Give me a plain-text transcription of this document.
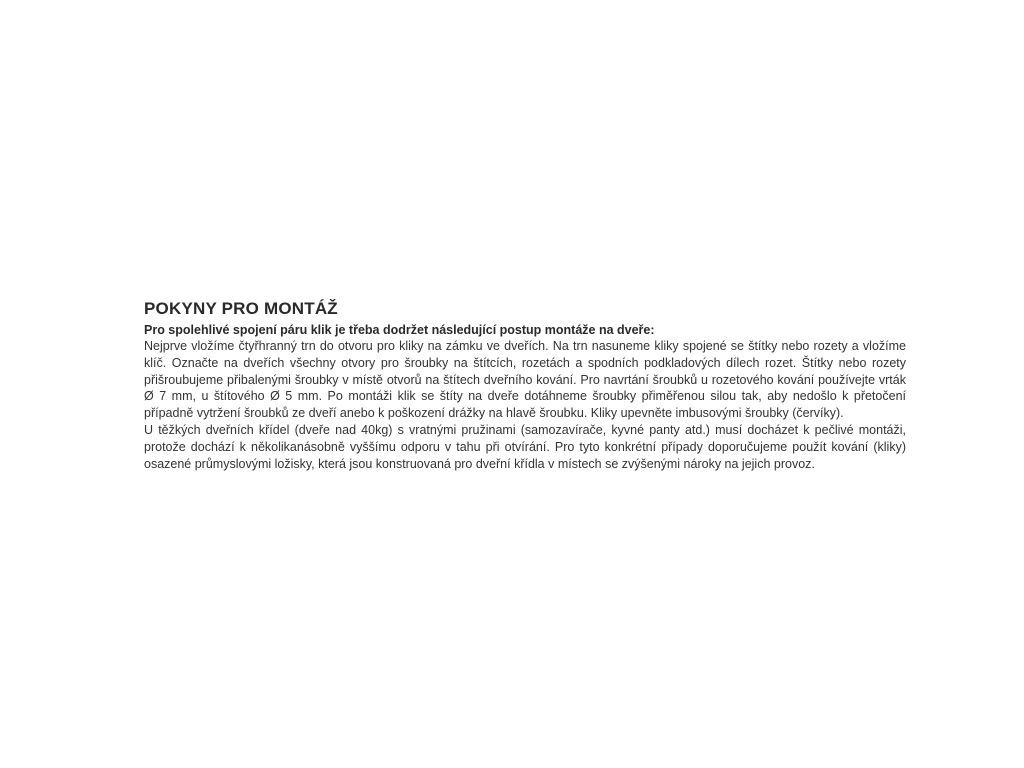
POKYNY PRO MONTÁŽ

Pro spolehlivé spojení páru klik je třeba dodržet následující postup montáže na dveře:

Nejprve vložíme čtyřhranný trn do otvoru pro kliky na zámku ve dveřích. Na trn nasuneme kliky spojené se štítky nebo rozety a vložíme klíč. Označte na dveřích všechny otvory pro šroubky na štítcích, rozetách a spodních podkladových dílech rozet. Štítky nebo rozety přišroubujeme přibalenými šroubky v místě otvorů na štítech dveřního kování. Pro navrtání šroubků u rozetového kování používejte vrták Ø 7 mm, u štítového Ø 5 mm. Po montáži klik se štíty na dveře dotáhneme šroubky přiměřenou silou tak, aby nedošlo k přetočení případně vytržení šroubků ze dveří anebo k poškození drážky na hlavě šroubku. Kliky upevněte imbusovými šroubky (červíky).

U těžkých dveřních křídel (dveře nad 40kg) s vratnými pružinami (samozavírače, kyvné panty atd.) musí docházet k pečlivé montáži, protože dochází k několikanásobně vyššímu odporu v tahu při otvírání. Pro tyto konkrétní případy doporučujeme použít kování (kliky) osazené průmyslovými ložisky, která jsou konstruovaná pro dveřní křídla v místech se zvýšenými nároky na jejich provoz.
